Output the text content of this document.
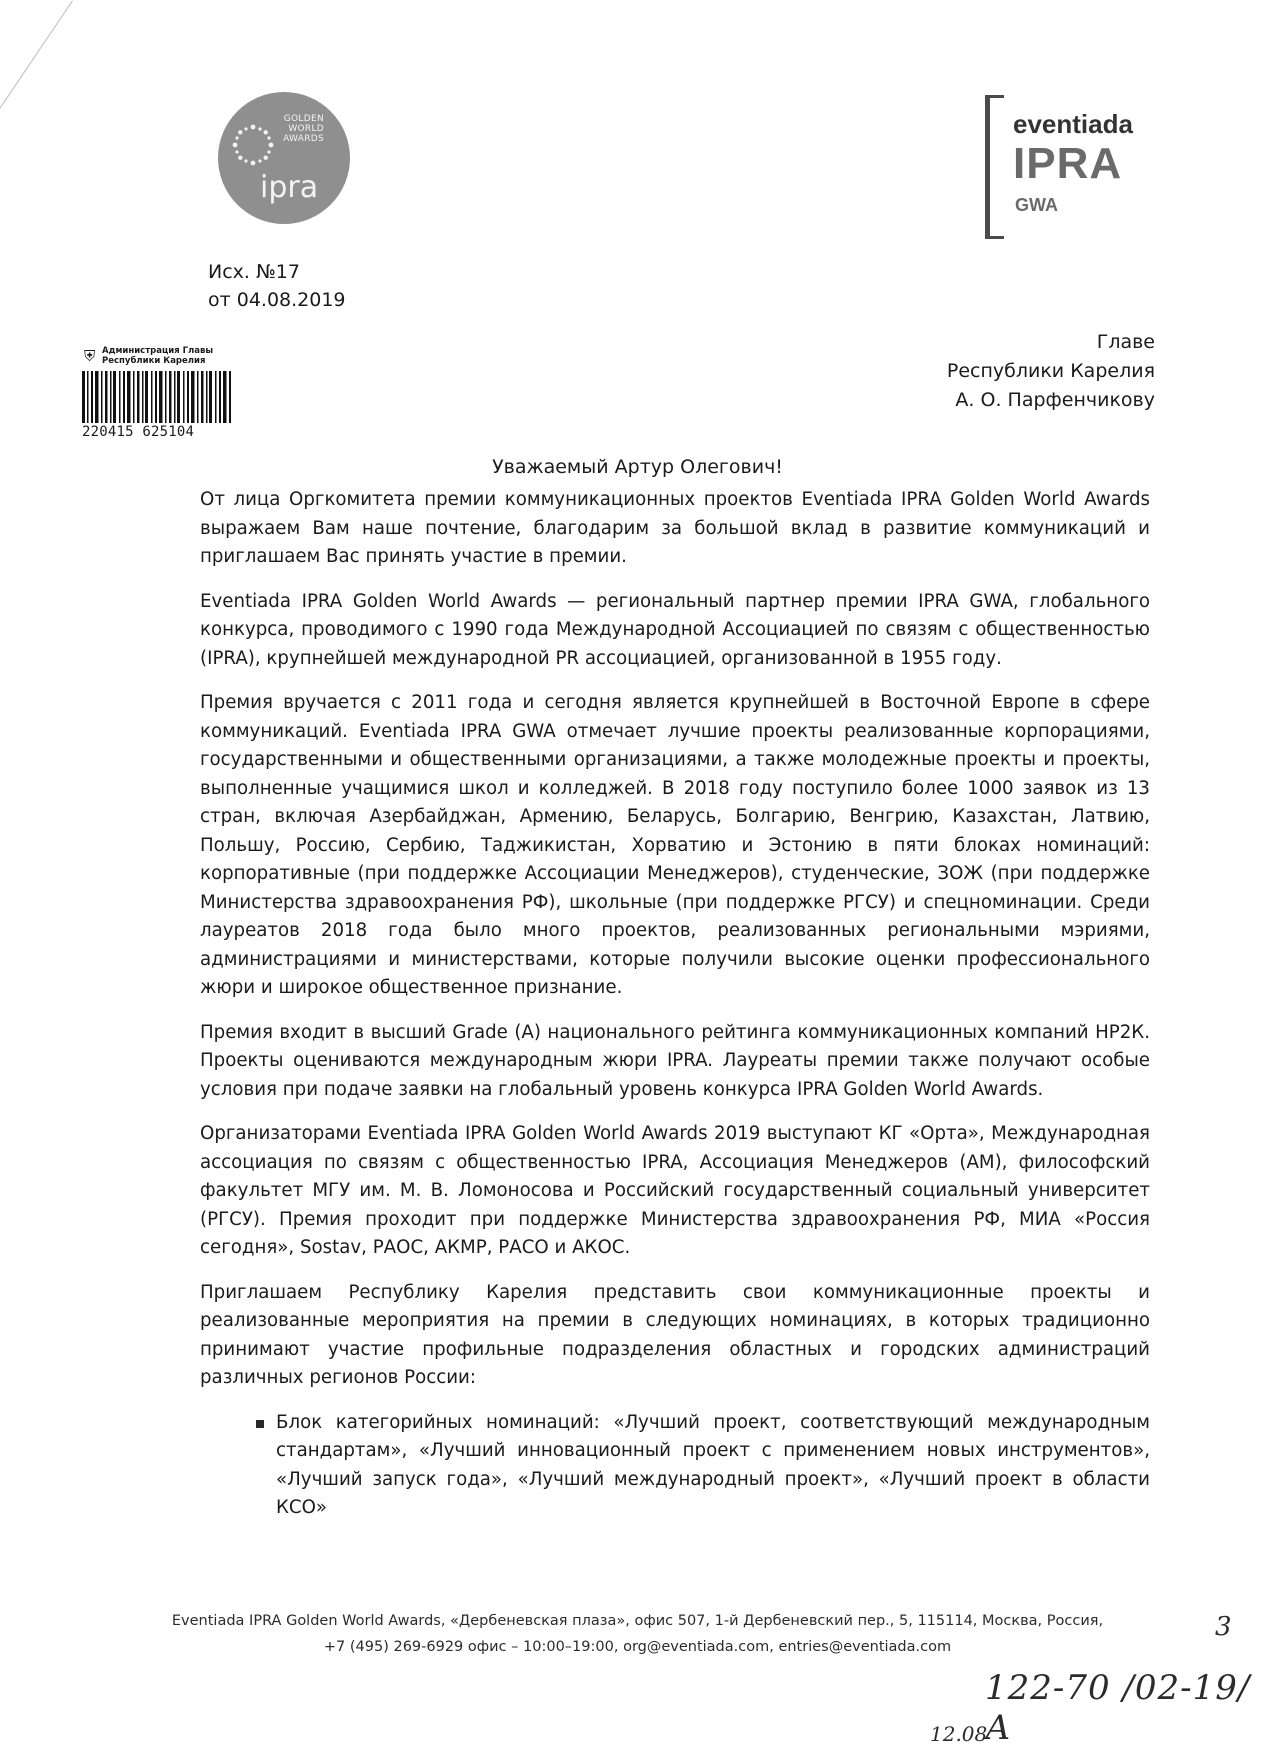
GOLDEN
WORLD
AWARDS
ipra
eventiada
IPRA
GWA
Исх. №17
от 04.08.2019
⛨ Администрация Главы
Республики Карелия
220415 625104
Главе
Республики Карелия
А. О. Парфенчикову
Уважаемый Артур Олегович!

От лица Оргкомитета премии коммуникационных проектов Eventiada IPRA Golden World Awards выражаем Вам наше почтение, благодарим за большой вклад в развитие коммуникаций и приглашаем Вас принять участие в премии.

Eventiada IPRA Golden World Awards — региональный партнер премии IPRA GWA, глобального конкурса, проводимого с 1990 года Международной Ассоциацией по связям с общественностью (IPRA), крупнейшей международной PR ассоциацией, организованной в 1955 году.

Премия вручается с 2011 года и сегодня является крупнейшей в Восточной Европе в сфере коммуникаций. Eventiada IPRA GWA отмечает лучшие проекты реализованные корпорациями, государственными и общественными организациями, а также молодежные проекты и проекты, выполненные учащимися школ и колледжей. В 2018 году поступило более 1000 заявок из 13 стран, включая Азербайджан, Армению, Беларусь, Болгарию, Венгрию, Казахстан, Латвию, Польшу, Россию, Сербию, Таджикистан, Хорватию и Эстонию в пяти блоках номинаций: корпоративные (при поддержке Ассоциации Менеджеров), студенческие, ЗОЖ (при поддержке Министерства здравоохранения РФ), школьные (при поддержке РГСУ) и спецноминации. Среди лауреатов 2018 года было много проектов, реализованных региональными мэриями, администрациями и министерствами, которые получили высокие оценки профессионального жюри и широкое общественное признание.

Премия входит в высший Grade (A) национального рейтинга коммуникационных компаний НР2К. Проекты оцениваются международным жюри IPRA. Лауреаты премии также получают особые условия при подаче заявки на глобальный уровень конкурса IPRA Golden World Awards.

Организаторами Eventiada IPRA Golden World Awards 2019 выступают КГ «Орта», Международная ассоциация по связям с общественностью IPRA, Ассоциация Менеджеров (АМ), философский факультет МГУ им. М. В. Ломоносова и Российский государственный социальный университет (РГСУ). Премия проходит при поддержке Министерства здравоохранения РФ, МИА «Россия сегодня», Sostav, РАОС, АКМР, РАСО и АКОС.

Приглашаем Республику Карелия представить свои коммуникационные проекты и реализованные мероприятия на премии в следующих номинациях, в которых традиционно принимают участие профильные подразделения областных и городских администраций различных регионов России:

Блок категорийных номинаций: «Лучший проект, соответствующий международным стандартам», «Лучший инновационный проект с применением новых инструментов», «Лучший запуск года», «Лучший международный проект», «Лучший проект в области КСО»
Eventiada IPRA Golden World Awards, «Дербеневская плаза», офис 507, 1-й Дербеневский пер., 5, 115114, Москва, Россия,
+7 (495) 269-6929 офис – 10:00–19:00, org@eventiada.com, entries@eventiada.com
3
122-70 /02-19/А
12.08
